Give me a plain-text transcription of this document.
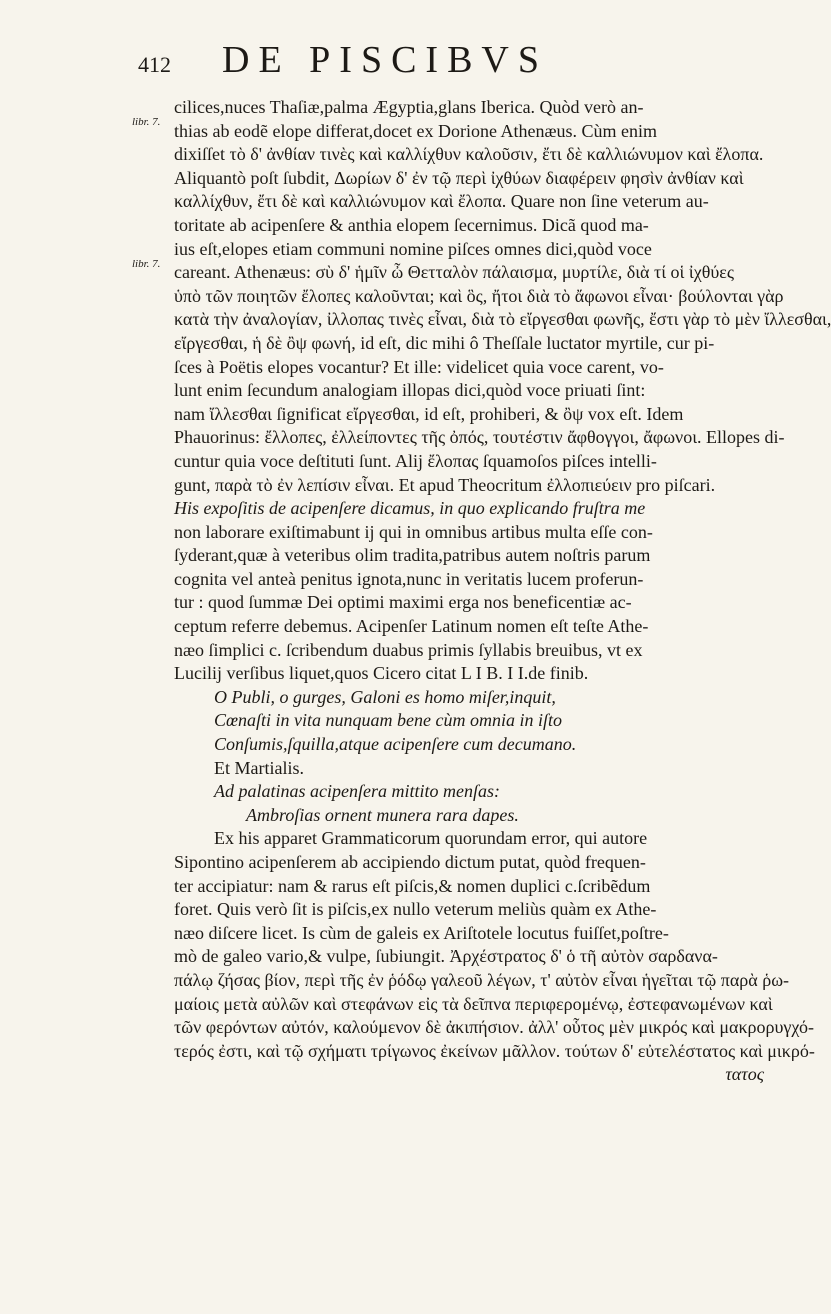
412 DE PISCIBVS
libr. 7.
libr. 7.
cilices,nuces Thaſiæ,palma Ægyptia,glans Iberica. Quòd verò an-
thias ab eodẽ elope differat,docet ex Dorione Athenæus. Cùm enim
dixiſſet τὸ δ' ἀνθίαν τινὲς καὶ καλλίχθυν καλοῦσιν, ἔτι δὲ καλλιώνυμον καὶ ἔλοπα.
Aliquantò poſt ſubdit, Δωρίων δ' ἐν τῷ περὶ ἰχθύων διαφέρειν φησὶν ἀνθίαν καὶ
καλλίχθυν, ἔτι δὲ καὶ καλλιώνυμον καὶ ἔλοπα. Quare non ſine veterum au-
toritate ab acipenſere & anthia elopem ſecernimus. Dicã quod ma-
ius eſt,elopes etiam communi nomine piſces omnes dici,quòd voce
careant. Athenæus: σὺ δ' ἡμῖν ὦ Θετταλὸν πάλαισμα, μυρτίλε, διὰ τί οἱ ἰχθύες
ὑπὸ τῶν ποιητῶν ἔλοπες καλοῦνται; καὶ ὃς, ἤτοι διὰ τὸ ἄφωνοι εἶναι· βούλονται γὰρ
κατὰ τὴν ἀναλογίαν, ἰλλοπας τινὲς εἶναι, διὰ τὸ εἴργεσθαι φωνῆς, ἔστι γὰρ τὸ μὲν ἴλλεσθαι,
εἴργεσθαι, ἡ δὲ ὂψ φωνή, id eſt, dic mihi ô Theſſale luctator myrtile, cur pi-
ſces à Poëtis elopes vocantur? Et ille: videlicet quia voce carent, vo-
lunt enim ſecundum analogiam illopas dici,quòd voce priuati ſint:
nam ἴλλεσθαι ſignificat εἴργεσθαι, id eſt, prohiberi, & ὂψ vox eſt. Idem
Phauorinus: ἔλλοπες, ἐλλείποντες τῆς ὀπός, τουτέστιν ἄφθογγοι, ἄφωνοι. Ellopes di-
cuntur quia voce deſtituti ſunt. Alij ἔλοπας ſquamoſos piſces intelli-
gunt, παρὰ τὸ ἐν λεπίσιν εἶναι. Et apud Theocritum ἐλλοπιεύειν pro piſcari.
His expoſitis de acipenſere dicamus, in quo explicando fruſtra me
non laborare exiſtimabunt ij qui in omnibus artibus multa eſſe con-
ſyderant,quæ à veteribus olim tradita,patribus autem noſtris parum
cognita vel anteà penitus ignota,nunc in veritatis lucem proferun-
tur : quod ſummæ Dei optimi maximi erga nos beneficentiæ ac-
ceptum referre debemus. Acipenſer Latinum nomen eſt teſte Athe-
næo ſimplici c. ſcribendum duabus primis ſyllabis breuibus, vt ex
Lucilij verſibus liquet,quos Cicero citat L I B. I I.de finib.
O Publi, o gurges, Galoni es homo miſer,inquit,
Cœnaſti in vita nunquam bene cùm omnia in iſto
Conſumis,ſquilla,atque acipenſere cum decumano.
Et Martialis.
Ad palatinas acipenſera mittito menſas:
Ambroſias ornent munera rara dapes.
Ex his apparet Grammaticorum quorundam error, qui autore
Sipontino acipenſerem ab accipiendo dictum putat, quòd frequen-
ter accipiatur: nam & rarus eſt piſcis,& nomen duplici c.ſcribẽdum
foret. Quis verò ſit is piſcis,ex nullo veterum meliùs quàm ex Athe-
næo diſcere licet. Is cùm de galeis ex Ariſtotele locutus fuiſſet,poſtre-
mò de galeo vario,& vulpe, ſubiungit. Ἀρχέστρατος δ' ὁ τῆ αὐτὸν σαρδανα-
πάλῳ ζήσας βίον, περὶ τῆς ἐν ῥόδῳ γαλεοῦ λέγων, τ' αὐτὸν εἶναι ἡγεῖται τῷ παρὰ ῥω-
μαίοις μετὰ αὐλῶν καὶ στεφάνων εἰς τὰ δεῖπνα περιφερομένῳ, ἐστεφανωμένων καὶ
τῶν φερόντων αὐτόν, καλούμενον δὲ ἀκιπήσιον. ἀλλ' οὗτος μὲν μικρός καὶ μακρορυγχό-
τερός ἐστι, καὶ τῷ σχήματι τρίγωνος ἐκείνων μᾶλλον. τούτων δ' εὐτελέστατος καὶ μικρό-
τατος
